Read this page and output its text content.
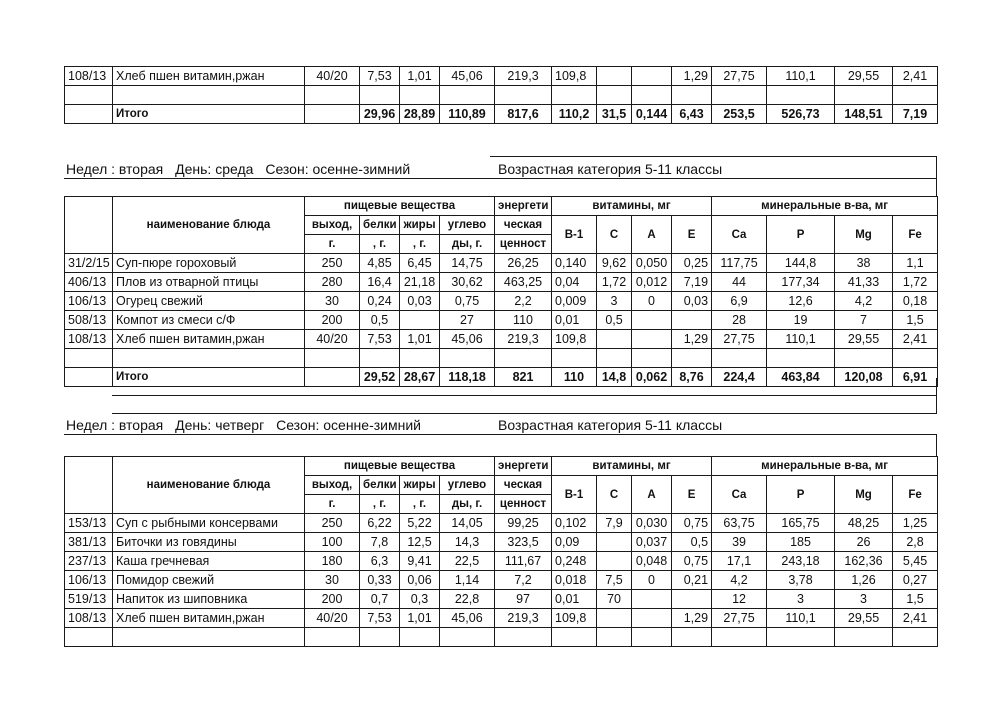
108/13	Хлеб пшен витамин,ржан	40/20	7,53	1,01	45,06	219,3	109,8			1,29	27,75	110,1	29,55	2,41

	Итого		29,96	28,89	110,89	817,6	110,2	31,5	0,144	6,43	253,5	526,73	148,51	7,19
Недел : вторая День: среда Сезон: осенне-зимний	Возрастная категория 5-11 классы
	наименование блюда	пищевые вещества				энергети	витамины, мг				минеральные в-ва, мг			
		выход,	белки	жиры	углево	ческая	В-1	С	А	Е	Са	Р	Mg	Fe
		г.	, г.	, г.	ды, г.	ценност								
31/2/15	Суп-пюре гороховый	250	4,85	6,45	14,75	26,25	0,140	9,62	0,050	0,25	117,75	144,8	38	1,1
406/13	Плов из отварной птицы	280	16,4	21,18	30,62	463,25	0,04	1,72	0,012	7,19	44	177,34	41,33	1,72
106/13	Огурец свежий	30	0,24	0,03	0,75	2,2	0,009	3	0	0,03	6,9	12,6	4,2	0,18
508/13	Компот из смеси с/Ф	200	0,5		27	110	0,01	0,5			28	19	7	1,5
108/13	Хлеб пшен витамин,ржан	40/20	7,53	1,01	45,06	219,3	109,8			1,29	27,75	110,1	29,55	2,41

	Итого		29,52	28,67	118,18	821	110	14,8	0,062	8,76	224,4	463,84	120,08	6,91
Недел : вторая День: четверг Сезон: осенне-зимний	Возрастная категория 5-11 классы
	наименование блюда	пищевые вещества				энергети	витамины, мг				минеральные в-ва, мг			
		выход,	белки	жиры	углево	ческая	В-1	С	А	Е	Са	Р	Mg	Fe
		г.	, г.	, г.	ды, г.	ценност								
153/13	Суп с рыбными консервами	250	6,22	5,22	14,05	99,25	0,102	7,9	0,030	0,75	63,75	165,75	48,25	1,25
381/13	Биточки из говядины	100	7,8	12,5	14,3	323,5	0,09		0,037	0,5	39	185	26	2,8
237/13	Каша гречневая	180	6,3	9,41	22,5	111,67	0,248		0,048	0,75	17,1	243,18	162,36	5,45
106/13	Помидор свежий	30	0,33	0,06	1,14	7,2	0,018	7,5	0	0,21	4,2	3,78	1,26	0,27
519/13	Напиток из шиповника	200	0,7	0,3	22,8	97	0,01	70			12	3	3	1,5
108/13	Хлеб пшен витамин,ржан	40/20	7,53	1,01	45,06	219,3	109,8			1,29	27,75	110,1	29,55	2,41
